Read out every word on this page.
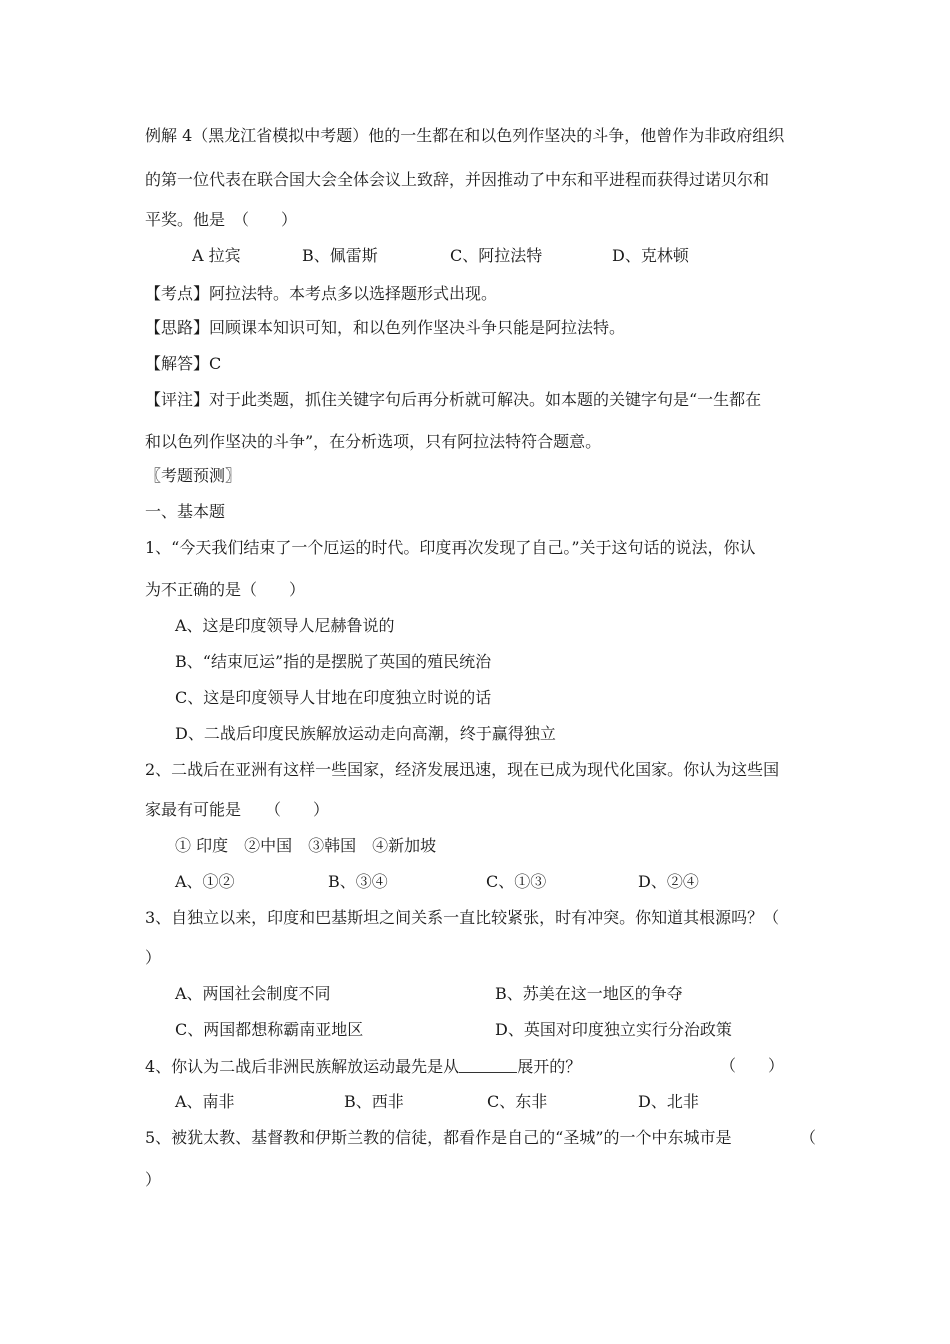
例解 4（黑龙江省模拟中考题）他的一生都在和以色列作坚决的斗争，他曾作为非政府组织
的第一位代表在联合国大会全体会议上致辞，并因推动了中东和平进程而获得过诺贝尔和
平奖。他是　（　　）
A 拉宾	B、佩雷斯	C、阿拉法特	D、克林顿
【考点】阿拉法特。本考点多以选择题形式出现。
【思路】回顾课本知识可知，和以色列作坚决斗争只能是阿拉法特。
【解答】C
【评注】对于此类题，抓住关键字句后再分析就可解决。如本题的关键字句是“一生都在
和以色列作坚决的斗争”，在分析选项，只有阿拉法特符合题意。
〖考题预测〗
一、基本题
1、“今天我们结束了一个厄运的时代。印度再次发现了自己。”关于这句话的说法，你认
为不正确的是（　　）
A、这是印度领导人尼赫鲁说的
B、“结束厄运”指的是摆脱了英国的殖民统治
C、这是印度领导人甘地在印度独立时说的话
D、二战后印度民族解放运动走向高潮，终于赢得独立
2、二战后在亚洲有这样一些国家，经济发展迅速，现在已成为现代化国家。你认为这些国
家最有可能是　　（　　）
① 印度　②中国　③韩国　④新加坡
A、①②	B、③④	C、①③	D、②④
3、自独立以来，印度和巴基斯坦之间关系一直比较紧张，时有冲突。你知道其根源吗？（
）
A、两国社会制度不同	B、苏美在这一地区的争夺
C、两国都想称霸南亚地区	D、英国对印度独立实行分治政策
4、你认为二战后非洲民族解放运动最先是从	展开的？	（　　）
A、南非	B、西非	C、东非	D、北非
5、被犹太教、基督教和伊斯兰教的信徒，都看作是自己的“圣城”的一个中东城市是	（
）
